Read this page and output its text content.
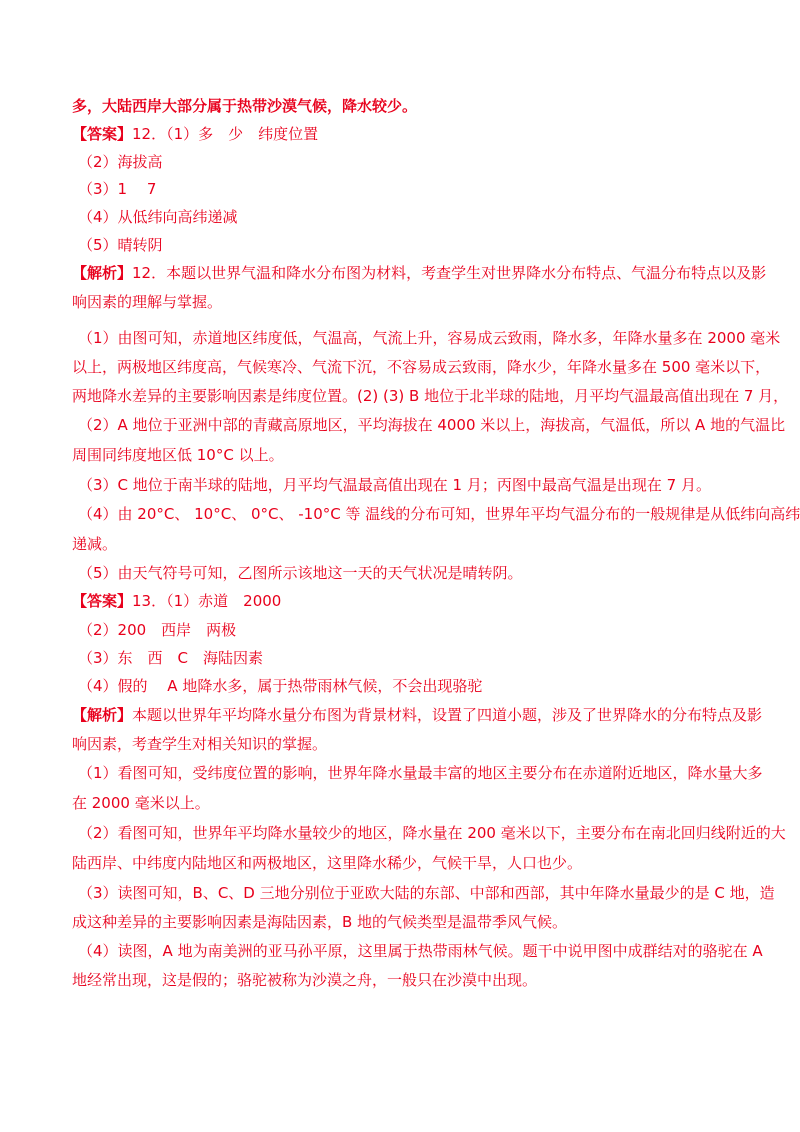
多，大陆西岸大部分属于热带沙漠气候，降水较少。
【答案】12．（1）多　少　纬度位置
（2）海拔高
（3）1　 7
（4）从低纬向高纬递减
（5）晴转阴
【解析】12．本题以世界气温和降水分布图为材料，考查学生对世界降水分布特点、气温分布特点以及影
响因素的理解与掌握。
（1）由图可知，赤道地区纬度低，气温高，气流上升，容易成云致雨，降水多，年降水量多在 2000 毫米
以上，两极地区纬度高，气候寒冷、气流下沉，不容易成云致雨，降水少，年降水量多在 500 毫米以下，
两地降水差异的主要影响因素是纬度位置。(2) (3) B 地位于北半球的陆地，月平均气温最高值出现在 7 月，
（2）A 地位于亚洲中部的青藏高原地区，平均海拔在 4000 米以上，海拔高，气温低，所以 A 地的气温比
周围同纬度地区低 10°C 以上。
（3）C 地位于南半球的陆地，月平均气温最高值出现在 1 月；丙图中最高气温是出现在 7 月。
（4）由 20°C、 10°C、 0°C、 -10°C 等 温线的分布可知，世界年平均气温分布的一般规律是从低纬向高纬
递减。
（5）由天气符号可知，乙图所示该地这一天的天气状况是晴转阴。
【答案】13．（1）赤道　2000
（2）200　西岸　两极
（3）东　西　C　海陆因素
（4）假的　 A 地降水多，属于热带雨林气候，不会出现骆驼
【解析】本题以世界年平均降水量分布图为背景材料，设置了四道小题，涉及了世界降水的分布特点及影
响因素，考查学生对相关知识的掌握。
（1）看图可知，受纬度位置的影响，世界年降水量最丰富的地区主要分布在赤道附近地区，降水量大多
在 2000 毫米以上。
（2）看图可知，世界年平均降水量较少的地区，降水量在 200 毫米以下，主要分布在南北回归线附近的大
陆西岸、中纬度内陆地区和两极地区，这里降水稀少，气候干旱，人口也少。
（3）读图可知，B、C、D 三地分别位于亚欧大陆的东部、中部和西部，其中年降水量最少的是 C 地，造
成这种差异的主要影响因素是海陆因素，B 地的气候类型是温带季风气候。
（4）读图，A 地为南美洲的亚马孙平原，这里属于热带雨林气候。题干中说甲图中成群结对的骆驼在 A
地经常出现，这是假的；骆驼被称为沙漠之舟，一般只在沙漠中出现。
